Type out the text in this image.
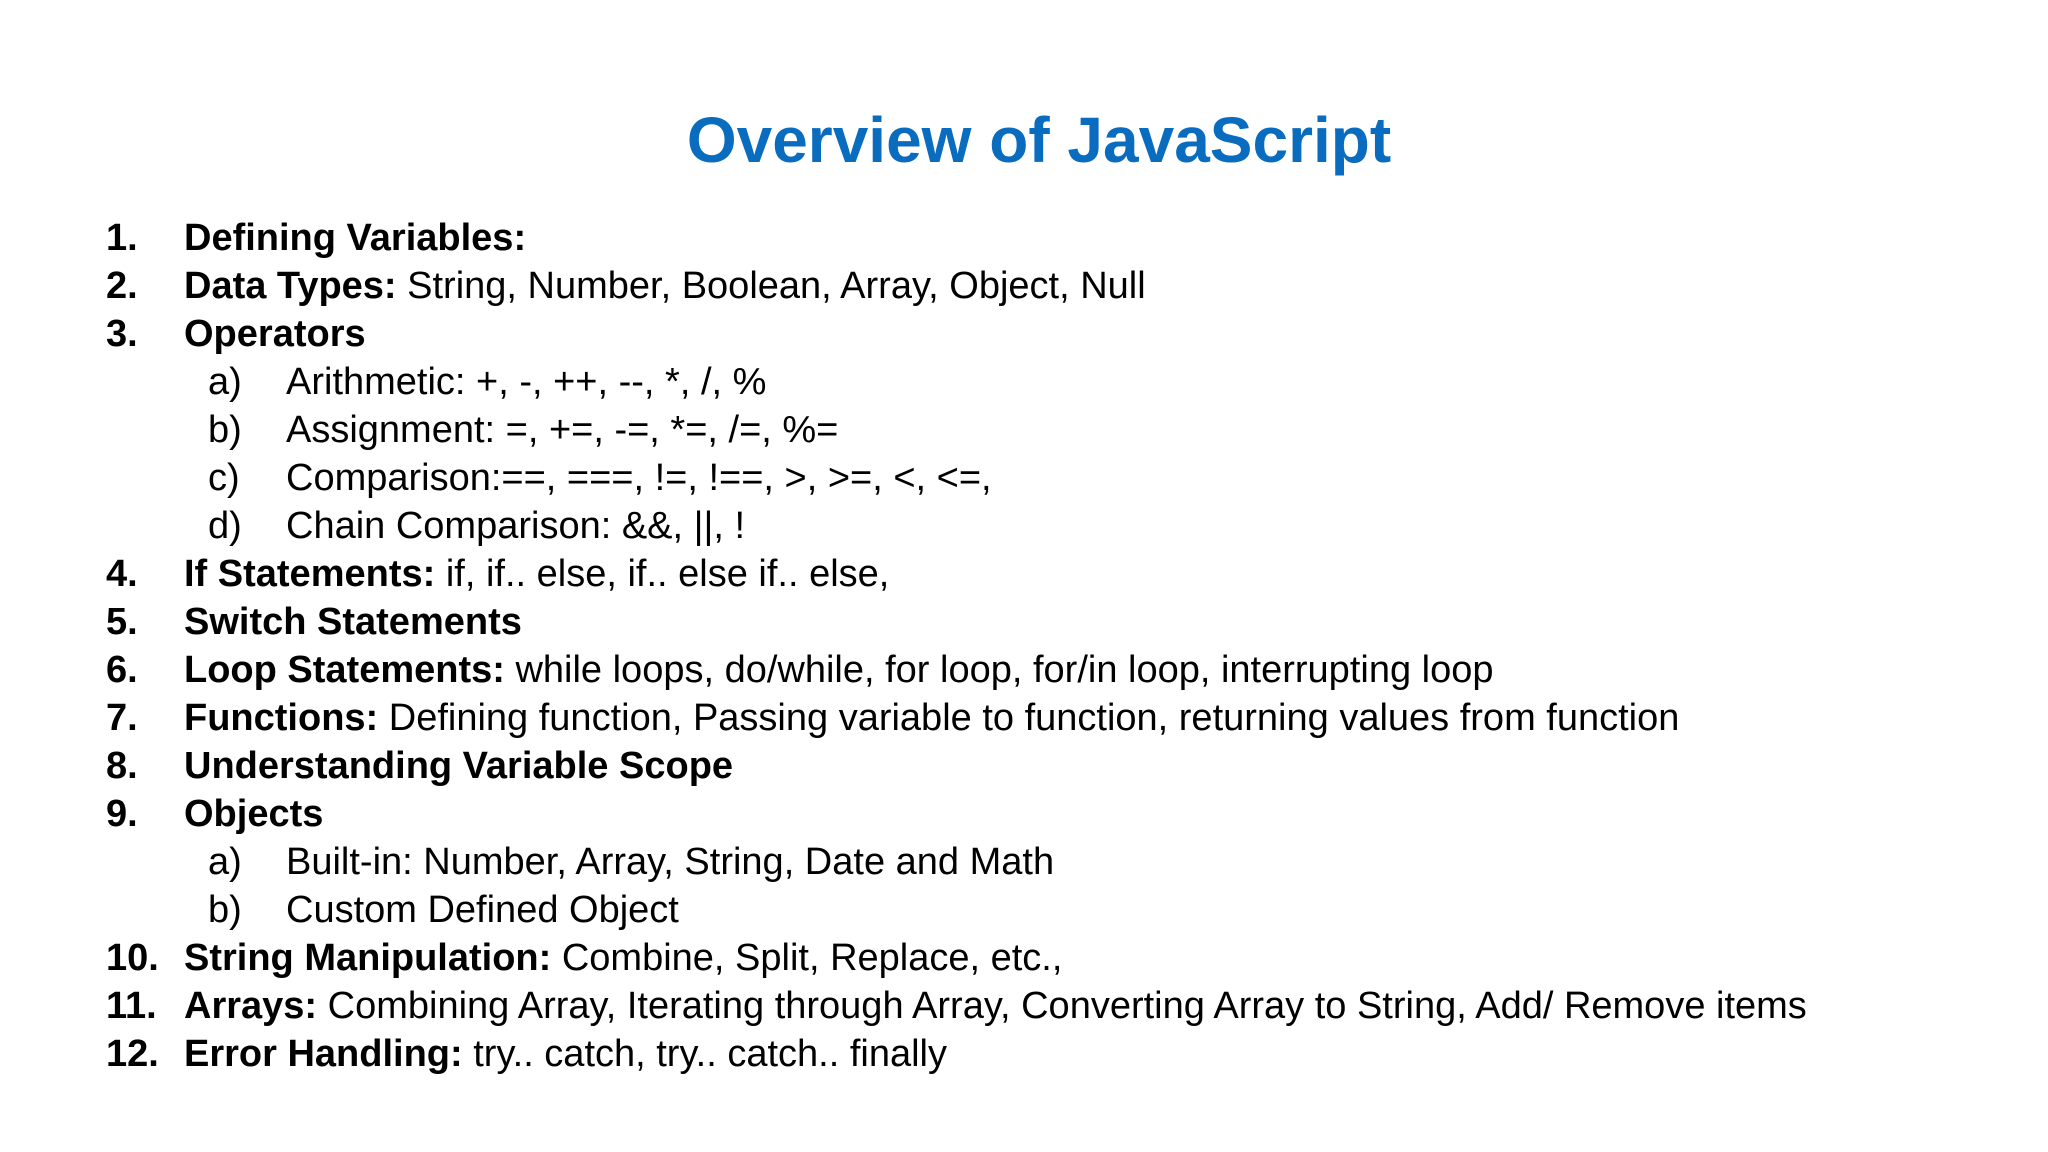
Overview of JavaScript
1. Defining Variables:
2. Data Types: String, Number, Boolean, Array, Object, Null
3. Operators
a) Arithmetic: +, -, ++, --, *, /, %
b) Assignment: =, +=, -=, *=, /=, %=
c) Comparison:==, ===, !=, !==, >, >=, <, <=,
d) Chain Comparison: &&, ||, !
4. If Statements: if, if.. else, if.. else if.. else,
5. Switch Statements
6. Loop Statements: while loops, do/while, for loop, for/in loop, interrupting loop
7. Functions: Defining function, Passing variable to function, returning values from function
8. Understanding Variable Scope
9. Objects
a) Built-in: Number, Array, String, Date and Math
b) Custom Defined Object
10. String Manipulation: Combine, Split, Replace, etc.,
11. Arrays: Combining Array, Iterating through Array, Converting Array to String, Add/ Remove items
12. Error Handling: try.. catch, try.. catch.. finally
